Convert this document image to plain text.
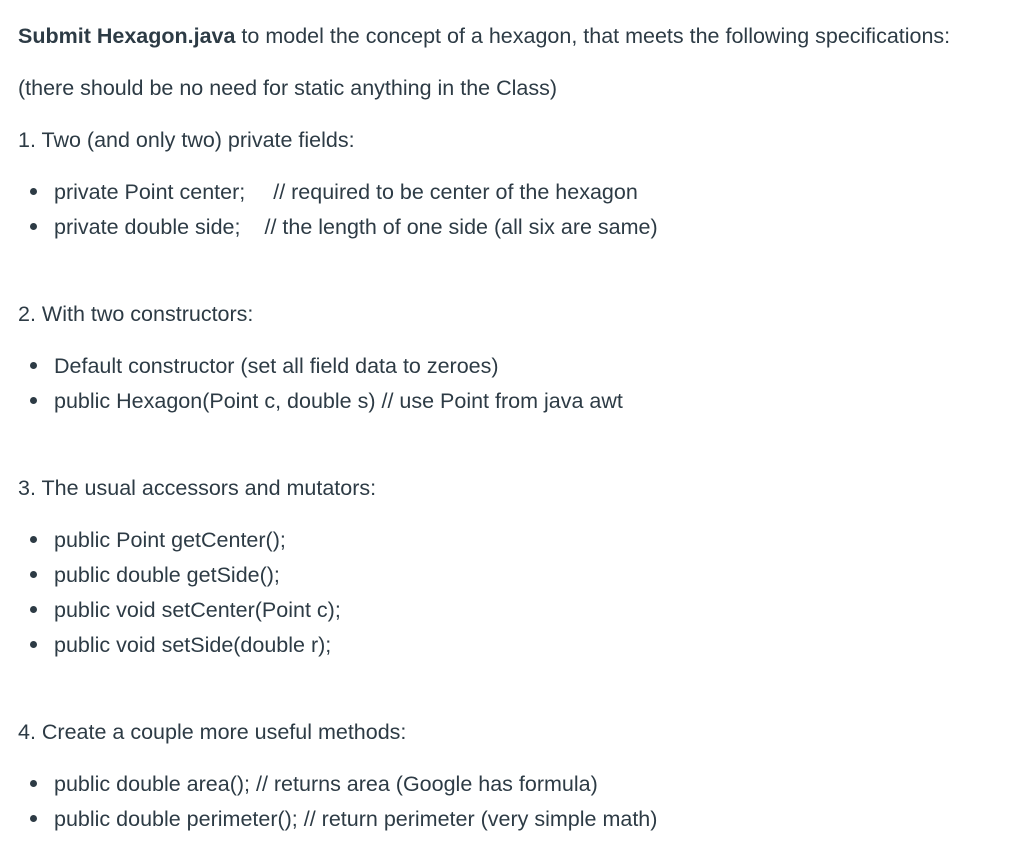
Submit Hexagon.java to model the concept of a hexagon, that meets the following specifications:
(there should be no need for static anything in the Class)
1. Two (and only two) private fields:
private Point center; // required to be center of the hexagon
private double side; // the length of one side (all six are same)
2. With two constructors:
Default constructor (set all field data to zeroes)
public Hexagon(Point c, double s) // use Point from java awt
3. The usual accessors and mutators:
public Point getCenter();
public double getSide();
public void setCenter(Point c);
public void setSide(double r);
4. Create a couple more useful methods:
public double area(); // returns area (Google has formula)
public double perimeter(); // return perimeter (very simple math)
